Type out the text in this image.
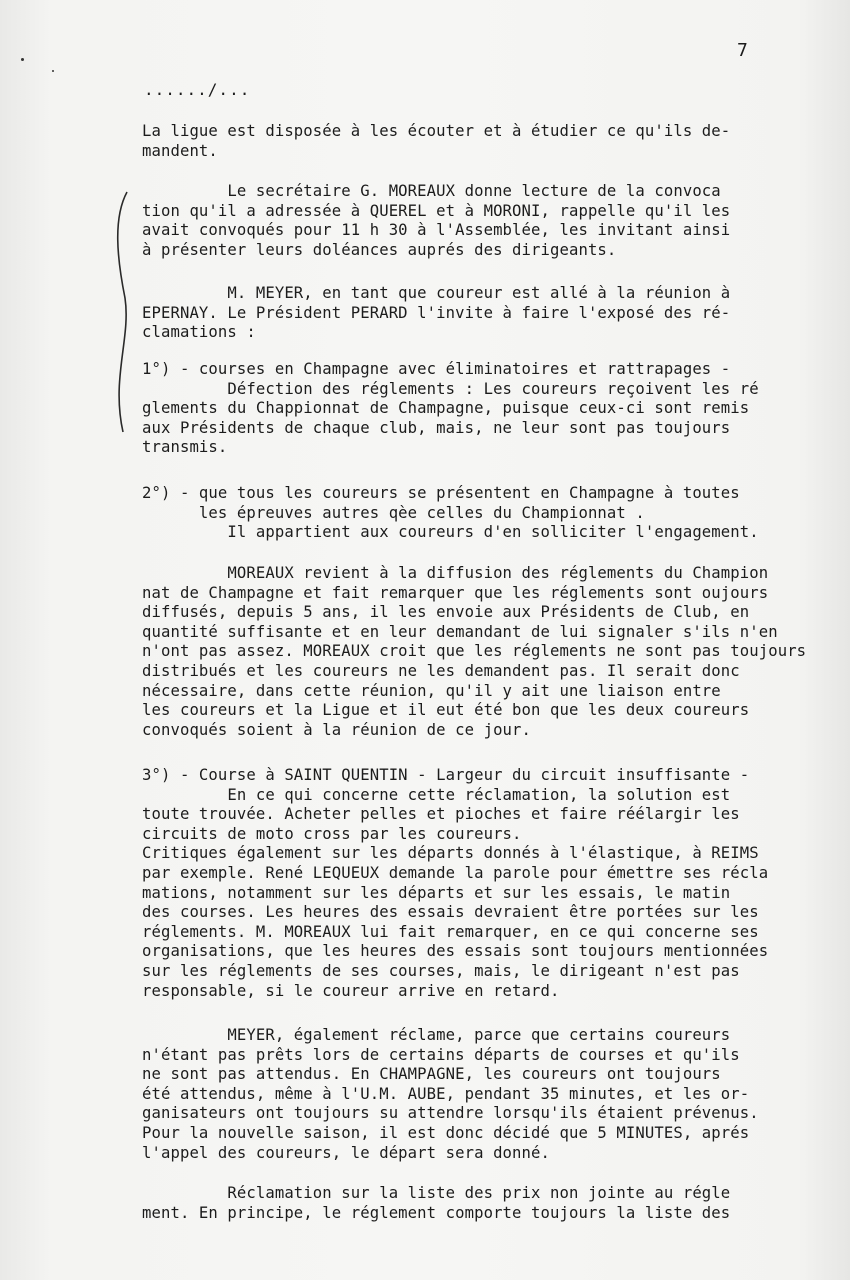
7
....../...
La ligue est disposée à les écouter et à étudier ce qu'ils de-
mandent.
Le secrétaire G. MOREAUX donne lecture de la convoca
tion qu'il a adressée à QUEREL et à MORONI, rappelle qu'il les
avait convoqués pour 11 h 30 à l'Assemblée, les invitant ainsi
à présenter leurs doléances auprés des dirigeants.
M. MEYER, en tant que coureur est allé à la réunion à
EPERNAY. Le Président PERARD l'invite à faire l'exposé des ré-
clamations :
1°) - courses en Champagne avec éliminatoires et rattrapages -
Défection des réglements : Les coureurs reçoivent les ré
glements du Chappionnat de Champagne, puisque ceux-ci sont remis
aux Présidents de chaque club, mais, ne leur sont pas toujours
transmis.
2°) - que tous les coureurs se présentent en Champagne à toutes
les épreuves autres qèe celles du Championnat .
Il appartient aux coureurs d'en solliciter l'engagement.
MOREAUX revient à la diffusion des réglements du Champion
nat de Champagne et fait remarquer que les réglements sont oujours
diffusés, depuis 5 ans, il les envoie aux Présidents de Club, en
quantité suffisante et en leur demandant de lui signaler s'ils n'en
n'ont pas assez. MOREAUX croit que les réglements ne sont pas toujours
distribués et les coureurs ne les demandent pas. Il serait donc
nécessaire, dans cette réunion, qu'il y ait une liaison entre
les coureurs et la Ligue et il eut été bon que les deux coureurs
convoqués soient à la réunion de ce jour.
3°) - Course à SAINT QUENTIN - Largeur du circuit insuffisante -
En ce qui concerne cette réclamation, la solution est
toute trouvée. Acheter pelles et pioches et faire réélargir les
circuits de moto cross par les coureurs.
Critiques également sur les départs donnés à l'élastique, à REIMS
par exemple. René LEQUEUX demande la parole pour émettre ses récla
mations, notamment sur les départs et sur les essais, le matin
des courses. Les heures des essais devraient être portées sur les
réglements. M. MOREAUX lui fait remarquer, en ce qui concerne ses
organisations, que les heures des essais sont toujours mentionnées
sur les réglements de ses courses, mais, le dirigeant n'est pas
responsable, si le coureur arrive en retard.
MEYER, également réclame, parce que certains coureurs
n'étant pas prêts lors de certains départs de courses et qu'ils
ne sont pas attendus. En CHAMPAGNE, les coureurs ont toujours
été attendus, même à l'U.M. AUBE, pendant 35 minutes, et les or-
ganisateurs ont toujours su attendre lorsqu'ils étaient prévenus.
Pour la nouvelle saison, il est donc décidé que 5 MINUTES, aprés
l'appel des coureurs, le départ sera donné.
Réclamation sur la liste des prix non jointe au régle
ment. En principe, le réglement comporte toujours la liste des
